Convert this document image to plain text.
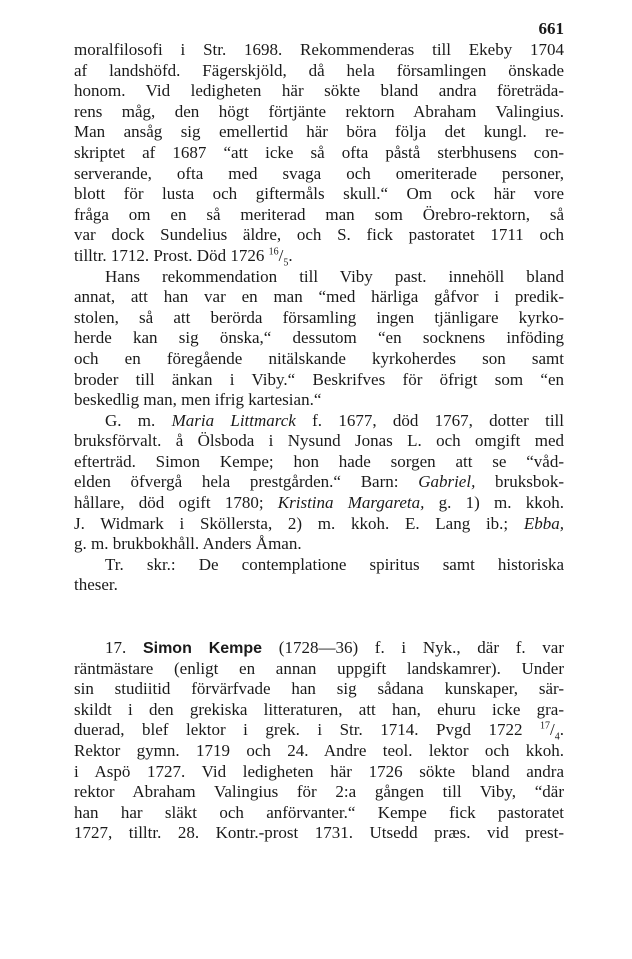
661
moralfilosofi i Str. 1698. Rekommenderas till Ekeby 1704
af landshöfd. Fägerskjöld, då hela församlingen önskade
honom. Vid ledigheten här sökte bland andra företräda-
rens måg, den högt förtjänte rektorn Abraham Valingius.
Man ansåg sig emellertid här böra följa det kungl. re-
skriptet af 1687 “att icke så ofta påstå sterbhusens con-
serverande, ofta med svaga och omeriterade personer,
blott för lusta och giftermåls skull.“ Om ock här vore
fråga om en så meriterad man som Örebro-rektorn, så
var dock Sundelius äldre, och S. fick pastoratet 1711 och
tilltr. 1712. Prost. Död 1726 $^{16}/_5$.
Hans rekommendation till Viby past. innehöll bland
annat, att han var en man “med härliga gåfvor i predik-
stolen, så att berörda församling ingen tjänligare kyrko-
herde kan sig önska,“ dessutom “en socknens inföding
och en föregående nitälskande kyrkoherdes son samt
broder till änkan i Viby.“ Beskrifves för öfrigt som “en
beskedlig man, men ifrig kartesian.“
G. m. Maria Littmarck f. 1677, död 1767, dotter till
bruksförvalt. å Ölsboda i Nysund Jonas L. och omgift med
efterträd. Simon Kempe; hon hade sorgen att se “våd-
elden öfvergå hela prestgården.“ Barn: Gabriel, bruksbok-
hållare, död ogift 1780; Kristina Margareta, g. 1) m. kkoh.
J. Widmark i Sköllersta, 2) m. kkoh. E. Lang ib.; Ebba,
g. m. brukbokhåll. Anders Åman.
Tr. skr.: De contemplatione spiritus samt historiska
theser.
17. Simon Kempe (1728—36) f. i Nyk., där f. var
räntmästare (enligt en annan uppgift landskamrer). Under
sin studiitid förvärfvade han sig sådana kunskaper, sär-
skildt i den grekiska litteraturen, att han, ehuru icke gra-
duerad, blef lektor i grek. i Str. 1714. Pvgd 1722 $^{17}/_4$.
Rektor gymn. 1719 och 24. Andre teol. lektor och kkoh.
i Aspö 1727. Vid ledigheten här 1726 sökte bland andra
rektor Abraham Valingius för 2:a gången till Viby, “där
han har släkt och anförvanter.“ Kempe fick pastoratet
1727, tilltr. 28. Kontr.-prost 1731. Utsedd præs. vid prest-
